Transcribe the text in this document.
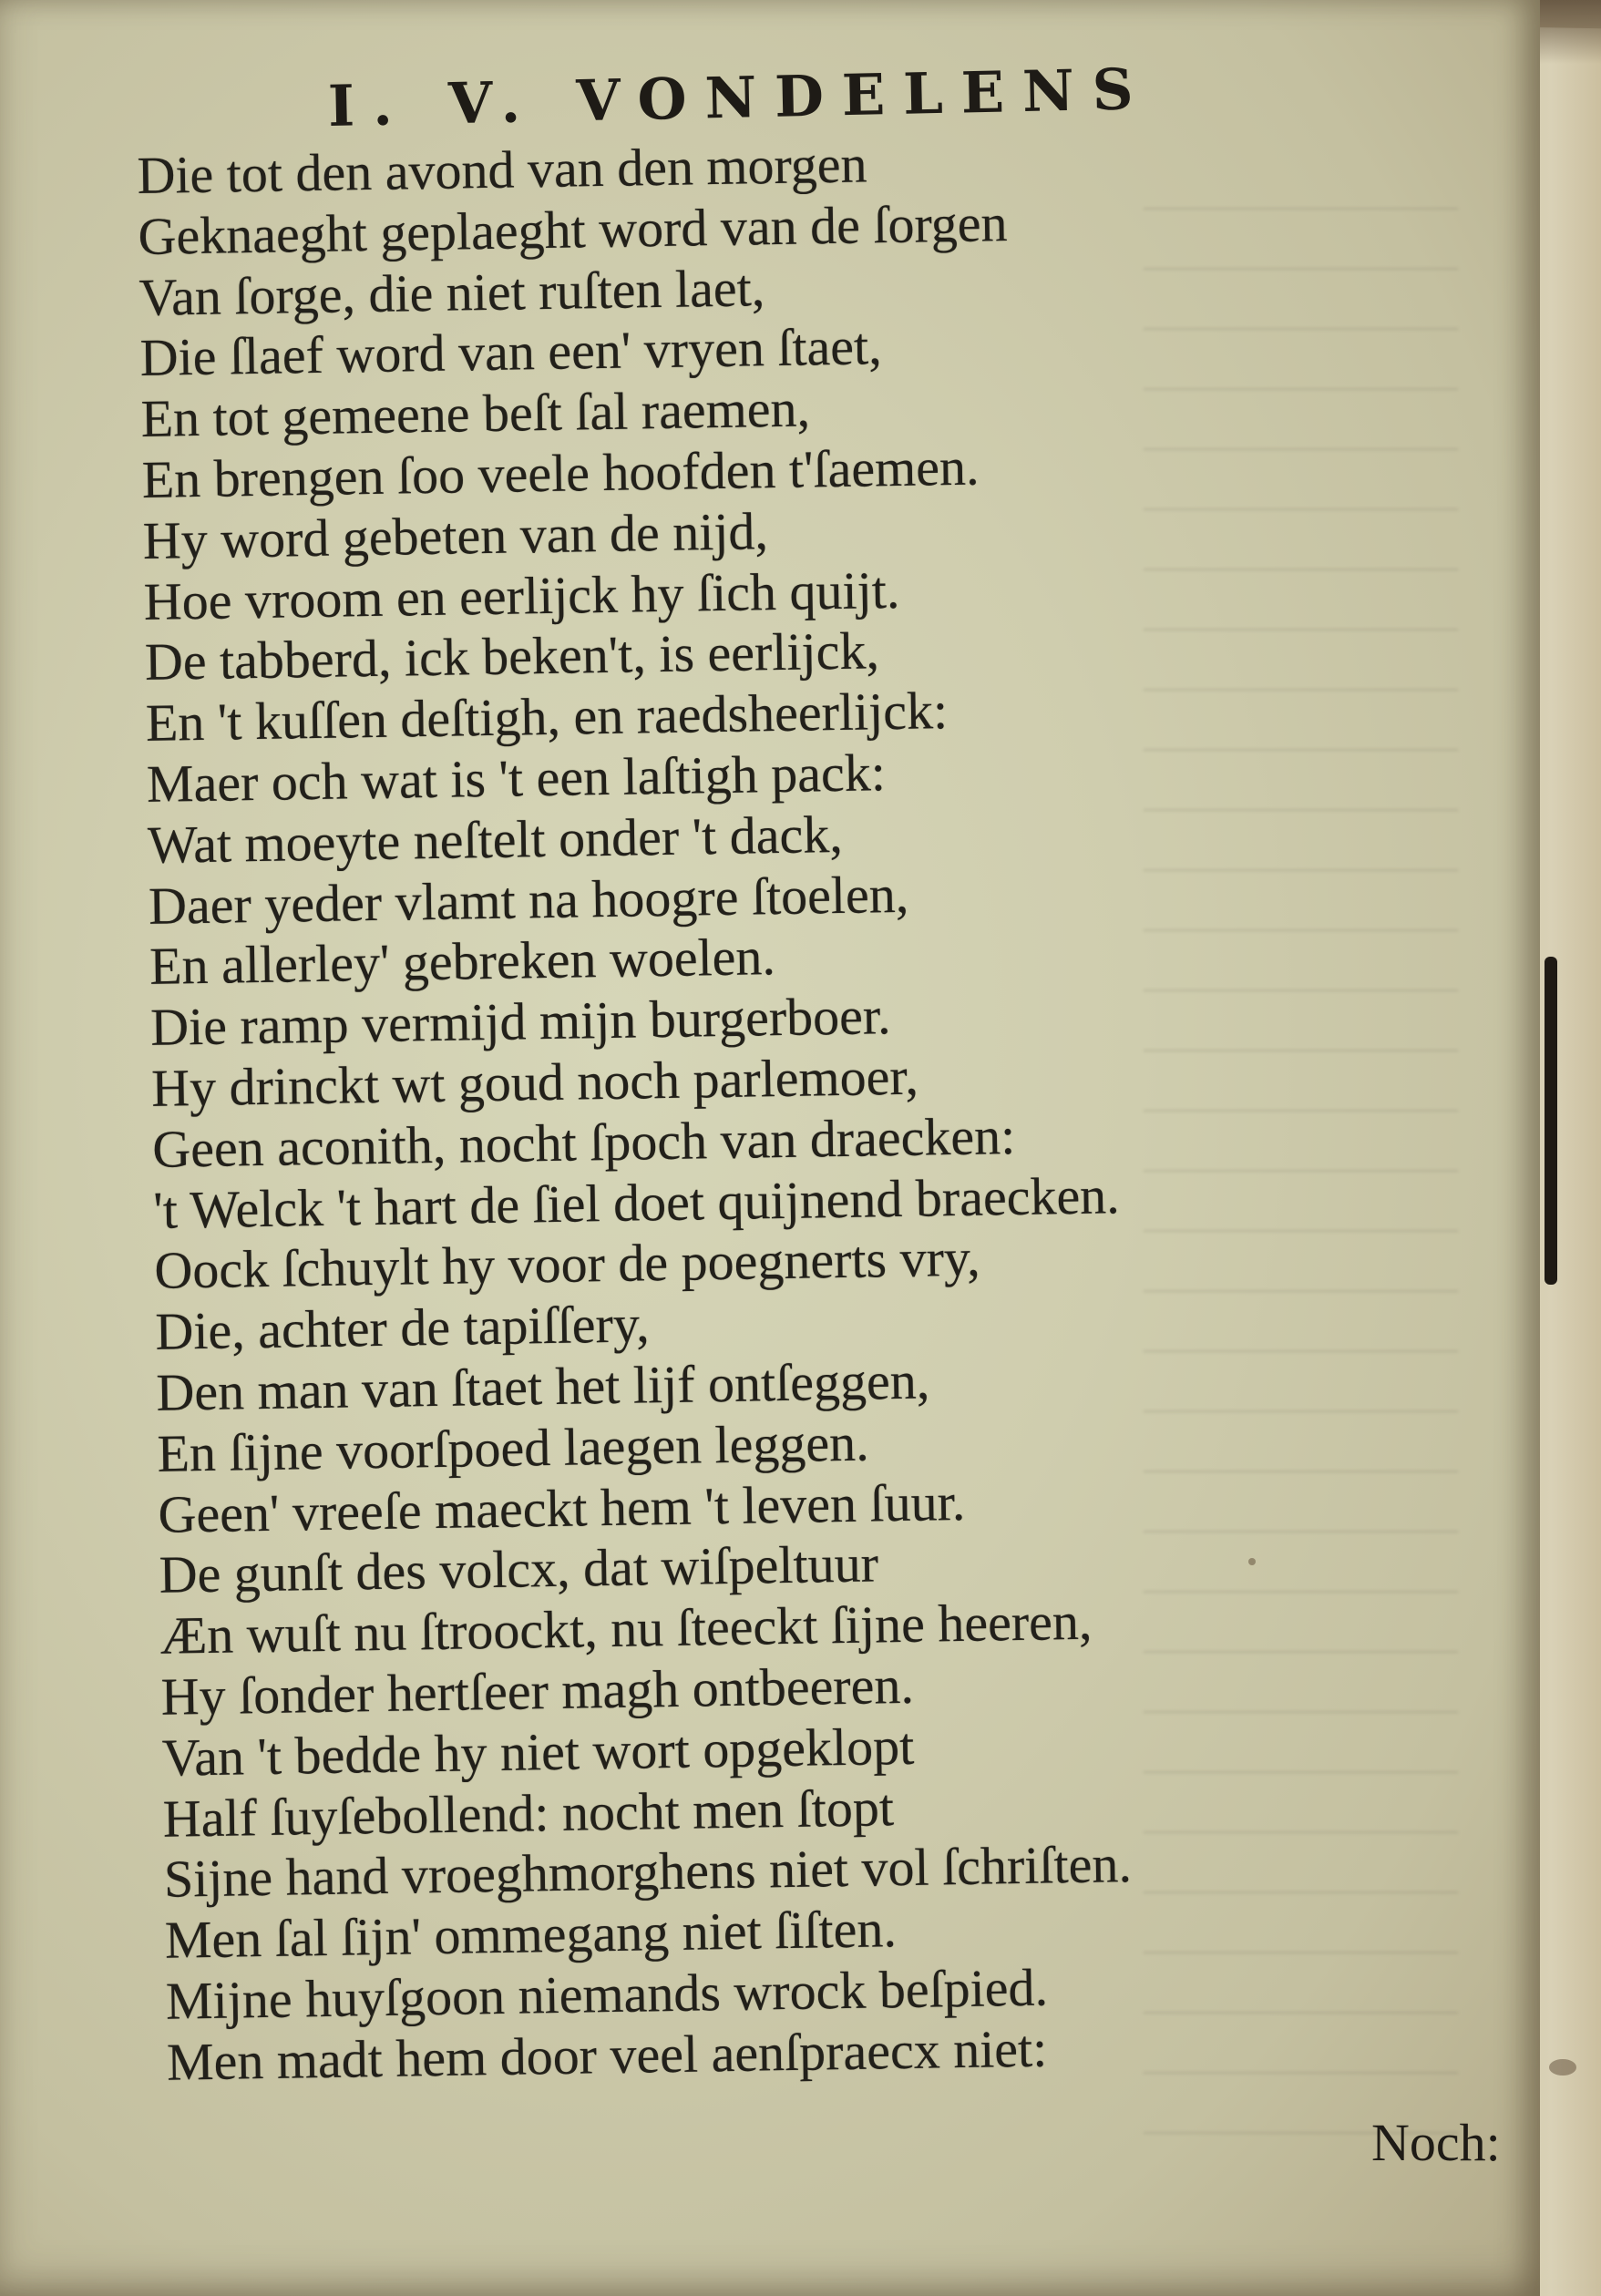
_______________
_______________
_______________
_______________
_______________
_______________
_______________
_______________
_______________
_______________
_______________
_______________
_______________
_______________
_______________
_______________
_______________
_______________
_______________
_______________
_______________
_______________
_______________
_______________
_______________
_______________
_______________
_______________
_______________
_______________
_______________
_______________
_______________
I. V. VONDELENS
Die tot den avond van den morgen
Geknaeght geplaeght word van de ſorgen
Van ſorge, die niet ruſten laet,
Die ſlaef word van een' vryen ſtaet,
En tot gemeene beſt ſal raemen,
En brengen ſoo veele hoofden t'ſaemen.
Hy word gebeten van de nijd,
Hoe vroom en eerlijck hy ſich quijt.
De tabberd, ick beken't, is eerlijck,
En 't kuſſen deſtigh, en raedsheerlijck:
Maer och wat is 't een laſtigh pack:
Wat moeyte neſtelt onder 't dack,
Daer yeder vlamt na hoogre ſtoelen,
En allerley' gebreken woelen.
Die ramp vermijd mijn burgerboer.
Hy drinckt wt goud noch parlemoer,
Geen aconith, nocht ſpoch van draecken:
't Welck 't hart de ſiel doet quijnend braecken.
Oock ſchuylt hy voor de poegnerts vry,
Die, achter de tapiſſery,
Den man van ſtaet het lijf ontſeggen,
En ſijne voorſpoed laegen leggen.
Geen' vreeſe maeckt hem 't leven ſuur.
De gunſt des volcx, dat wiſpeltuur
Æn wuſt nu ſtroockt, nu ſteeckt ſijne heeren,
Hy ſonder hertſeer magh ontbeeren.
Van 't bedde hy niet wort opgeklopt
Half ſuyſebollend: nocht men ſtopt
Sijne hand vroeghmorghens niet vol ſchriſten.
Men ſal ſijn' ommegang niet ſiſten.
Mijne huyſgoon niemands wrock beſpied.
Men madt hem door veel aenſpraecx niet:
Noch:
